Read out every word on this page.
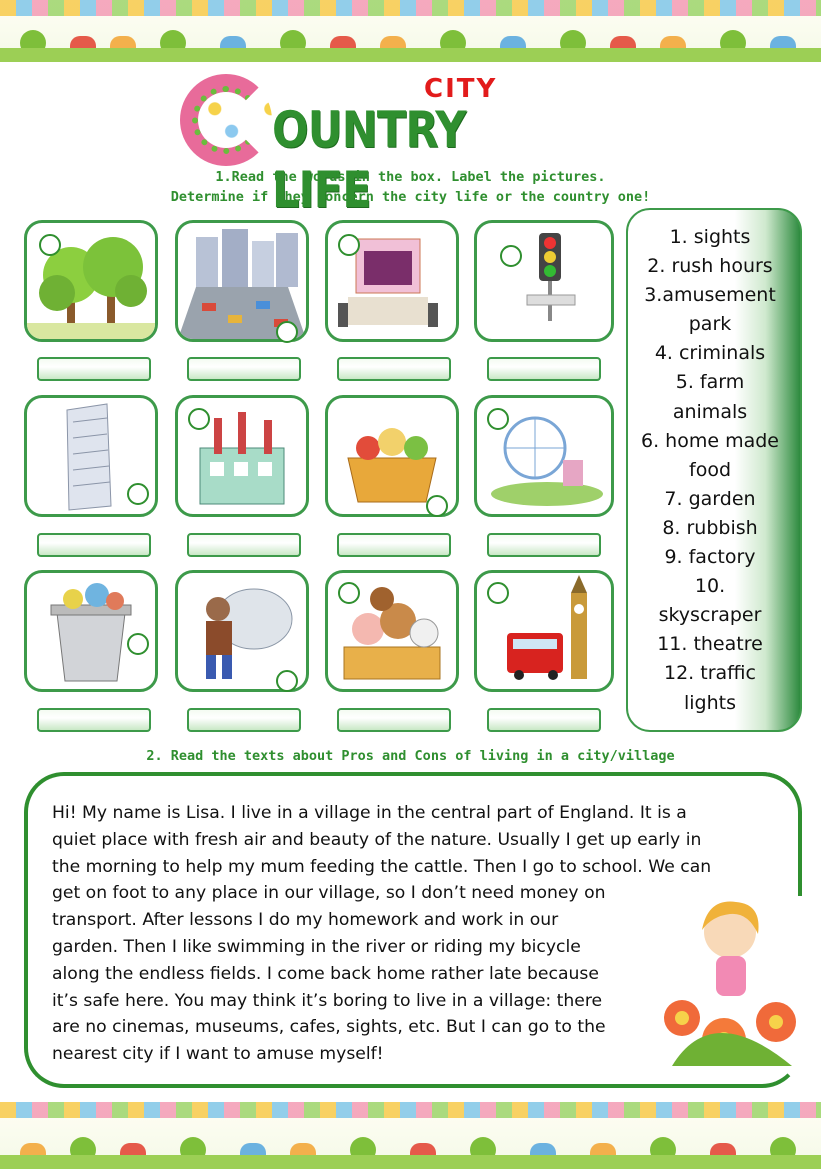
CITY
OUNTRY LIFE
1.Read the words in the box. Label the pictures.
Determine if they concern the city life or the country one!
1. sights
2. rush hours
3.amusement
park
4. criminals
5. farm
animals
6. home made
food
7. garden
8. rubbish
9. factory
10.
skyscraper
11. theatre
12. traffic
lights
2. Read the texts about Pros and Cons of living in a city/village
Hi! My name is Lisa. I live in a village in the central part of England. It is a
quiet place with fresh air and beauty of the nature. Usually I get up early in
the morning to help my mum feeding the cattle. Then I go to school. We can
get on foot to any place in our village, so I don’t need money on
transport. After lessons I do my homework and work in our
garden. Then I like swimming in the river or riding my bicycle
along the endless fields. I come back home rather late because
it’s safe here. You may think it’s boring to live in a village: there
are no cinemas, museums, cafes, sights, etc. But I can go to the
nearest city if I want to amuse myself!
